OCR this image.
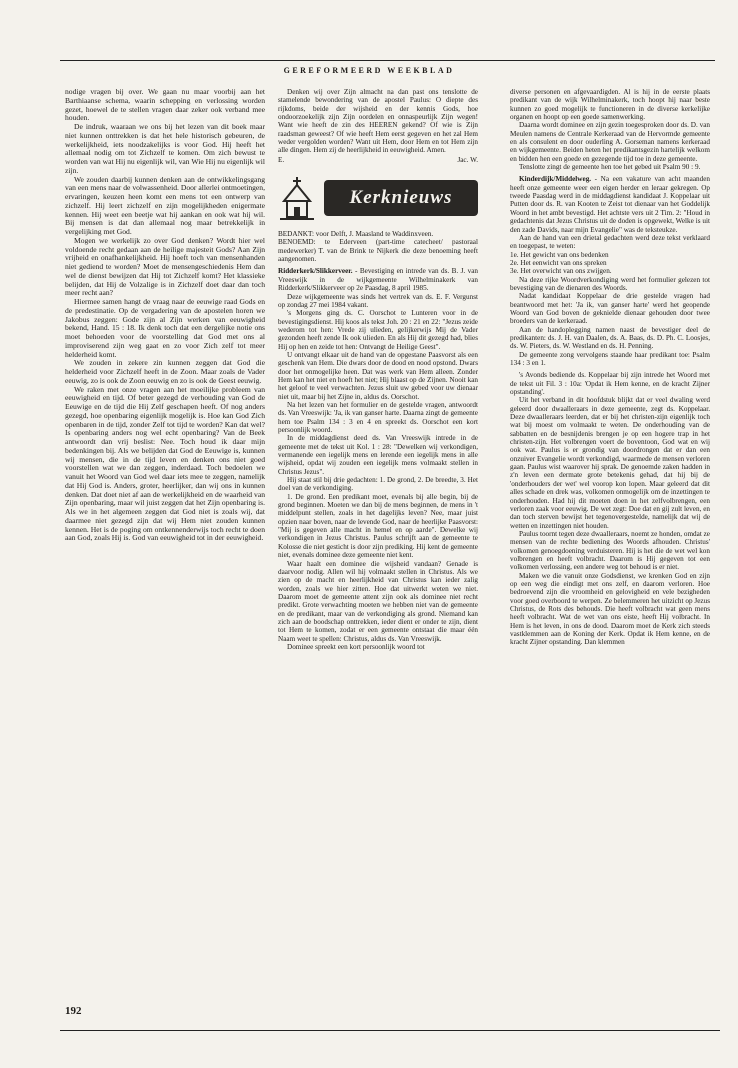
GEREFORMEERD WEEKBLAD

nodige vragen bij over. We gaan nu maar voorbij aan het Barthiaanse schema, waarin schepping en verlossing worden gezet, hoewel de te stellen vragen daar zeker ook verband mee houden.

De indruk, waaraan we ons bij het lezen van dit boek maar niet kunnen onttrekken is dat het hele historisch gebeuren, de werkelijkheid, iets noodzakelijks is voor God. Hij heeft het allemaal nodig om tot Zichzelf te komen. Om zich bewust te worden van wat Hij nu eigenlijk wil, van Wie Hij nu eigenlijk wil zijn.

We zouden daarbij kunnen denken aan de ontwikkelingsgang van een mens naar de volwassenheid. Door allerlei ontmoetingen, ervaringen, keuzen heen komt een mens tot een ontwerp van zichzelf. Hij leert zichzelf en zijn mogelijkheden enigermate kennen. Hij weet een beetje wat hij aankan en ook wat hij wil. Bij mensen is dat dan allemaal nog maar betrekkelijk in vergelijking met God.

Mogen we werkelijk zo over God denken? Wordt hier wel voldoende recht gedaan aan de heilige majesteit Gods? Aan Zijn vrijheid en onafhankelijkheid. Hij hoeft toch van mensenhanden niet gediend te worden? Moet de mensengeschiedenis Hem dan wel de dienst bewijzen dat Hij tot Zichzelf komt? Het klassieke belijden, dat Hij de Volzalige is in Zichzelf doet daar dan toch meer recht aan?

Hiermee samen hangt de vraag naar de eeuwige raad Gods en de predestinatie. Op de vergadering van de apostelen horen we Jakobus zeggen: Gode zijn al Zijn werken van eeuwigheid bekend, Hand. 15 : 18. Ik denk toch dat een dergelijke notie ons moet behoeden voor de voorstelling dat God met ons al improviserend zijn weg gaat en zo voor Zich zelf tot meer helderheid komt.

We zouden in zekere zin kunnen zeggen dat God die helderheid voor Zichzelf heeft in de Zoon. Maar zoals de Vader eeuwig, zo is ook de Zoon eeuwig en zo is ook de Geest eeuwig.

We raken met onze vragen aan het moeilijke probleem van eeuwigheid en tijd. Of beter gezegd de verhouding van God de Eeuwige en de tijd die Hij Zelf geschapen heeft. Of nog anders gezegd, hoe openbaring eigenlijk mogelijk is. Hoe kan God Zich openbaren in de tijd, zonder Zelf tot tijd te worden? Kan dat wel? Is openbaring anders nog wel echt openbaring? Van de Beek antwoordt dan vrij beslist: Nee. Toch houd ik daar mijn bedenkingen bij. Als we belijden dat God de Eeuwige is, kunnen wij mensen, die in de tijd leven en denken ons niet goed voorstellen wat we dan zeggen, inderdaad. Toch bedoelen we vanuit het Woord van God wel daar iets mee te zeggen, namelijk dat Hij God is. Anders, groter, heerlijker, dan wij ons in kunnen denken. Dat doet niet af aan de werkelijkheid en de waarheid van Zijn openbaring, maar wil juist zeggen dat het Zijn openbaring is. Als we in het algemeen zeggen dat God niet is zoals wij, dat daarmee niet gezegd zijn dat wij Hem niet zouden kunnen kennen. Het is de poging om ontkennenderwijs toch recht te doen aan God, zoals Hij is. God van eeuwigheid tot in der eeuwigheid.

Denken wij over Zijn almacht na dan past ons tenslotte de stamelende bewondering van de apostel Paulus: O diepte des rijkdoms, beide der wijsheid en der kennis Gods, hoe ondoorzoekelijk zijn Zijn oordelen en onnaspeurlijk Zijn wegen! Want wie heeft de zin des HEEREN gekend? Of wie is Zijn raadsman geweest? Of wie heeft Hem eerst gegeven en het zal Hem weder vergolden worden? Want uit Hem, door Hem en tot Hem zijn alle dingen. Hem zij de heerlijkheid in eeuwigheid. Amen.

E.	Jac. W.
Kerknieuws

BEDANKT: voor Delft, J. Maasland te Waddinxveen.

BENOEMD: te Ederveen (part-time catecheet/ pastoraal medewerker) T. van de Brink te Nijkerk die deze benoeming heeft aangenomen.

Ridderkerk/Slikkerveer. - Bevestiging en intrede van ds. B. J. van Vreeswijk in de wijkgemeente Wilhelminakerk van Ridderkerk/Slikkerveer op 2e Paasdag, 8 april 1985.

Deze wijkgemeente was sinds het vertrek van ds. E. F. Vergunst op zondag 27 mei 1984 vakant.

's Morgens ging ds. C. Oorschot te Lunteren voor in de bevestigingsdienst. Hij koos als tekst Joh. 20 : 21 en 22: "Jezus zeide wederom tot hen: Vrede zij ulieden, gelijkerwijs Mij de Vader gezonden heeft zende Ik ook ulieden. En als Hij dit gezegd had, blies Hij op hen en zeide tot hen: Ontvangt de Heilige Geest".

U ontvangt elkaar uit de hand van de opgestane Paasvorst als een geschenk van Hem. Die dwars door de dood en nood opstond. Dwars door het onmogelijke heen. Dat was werk van Hem alleen. Zonder Hem kan het niet en hoeft het niet; Hij blaast op de Zijnen. Nooit kan het geloof te veel verwachten. Jezus sluit uw gebed voor uw dienaar niet uit, maar bij het Zijne in, aldus ds. Oorschot.

Na het lezen van het formulier en de gestelde vragen, antwoordt ds. Van Vreeswijk: 'Ja, ik van ganser harte. Daarna zingt de gemeente hem toe Psalm 134 : 3 en 4 en spreekt ds. Oorschot een kort persoonlijk woord.

In de middagdienst deed ds. Van Vreeswijk intrede in de gemeente met de tekst uit Kol. 1 : 28: "Dewelken wij verkondigen, vermanende een iegelijk mens en lerende een iegelijk mens in alle wijsheid, opdat wij zouden een iegelijk mens volmaakt stellen in Christus Jezus".

Hij staat stil bij drie gedachten: 1. De grond, 2. De breedte, 3. Het doel van de verkondiging.

1. De grond. Een predikant moet, evenals bij alle begin, bij de grond beginnen. Moeten we dan bij de mens beginnen, de mens in 't middelpunt stellen, zoals in het dagelijks leven? Nee, maar juist opzien naar boven, naar de levende God, naar de heerlijke Paasvorst: "Mij is gegeven alle macht in hemel en op aarde". Dewelke wij verkondigen in Jezus Christus. Paulus schrijft aan de gemeente te Kolosse die niet gesticht is door zijn prediking. Hij kent de gemeente niet, evenals dominee deze gemeente niet kent.

Waar haalt een dominee die wijsheid vandaan? Genade is daarvoor nodig. Allen wil hij volmaakt stellen in Christus. Als we zien op de macht en heerlijkheid van Christus kan ieder zalig worden, zoals we hier zitten. Hoe dat uitwerkt weten we niet. Daarom moet de gemeente attent zijn ook als dominee niet recht predikt. Grote verwachting moeten we hebben niet van de gemeente en de predikant, maar van de verkondiging als grond. Niemand kan zich aan de boodschap onttrekken, ieder dient er onder te zijn, dient tot Hem te komen, zodat er een gemeente ontstaat die maar één Naam weet te spellen: Christus, aldus ds. Van Vreeswijk.

Dominee spreekt een kort persoonlijk woord tot

diverse personen en afgevaardigden. Al is hij in de eerste plaats predikant van de wijk Wilhelminakerk, toch hoopt hij naar beste kunnen zo goed mogelijk te functioneren in de diverse kerkelijke organen en hoopt op een goede samenwerking.

Daarna wordt dominee en zijn gezin toegesproken door ds. D. van Meulen namens de Centrale Kerkeraad van de Hervormde gemeente en als consulent en door ouderling A. Gorseman namens kerkeraad en wijkgemeente. Beiden heten het predikantsgezin hartelijk welkom en bidden hen een goede en gezegende tijd toe in deze gemeente.

Tenslotte zingt de gemeente hen toe het gebed uit Psalm 90 : 9.

Kinderdijk/Middelweg. - Na een vakature van acht maanden heeft onze gemeente weer een eigen herder en leraar gekregen. Op tweede Paasdag werd in de middagdienst kandidaat J. Koppelaar uit Putten door ds. R. van Kooten te Zeist tot dienaar van het Goddelijk Woord in het ambt bevestigd. Het achtste vers uit 2 Tim. 2: "Houd in gedachtenis dat Jezus Christus uit de doden is opgewekt, Welke is uit den zade Davids, naar mijn Evangelie" was de teksteukze.

Aan de hand van een drietal gedachten werd deze tekst verklaard en toegepast, te weten:

1e. Het gewicht van ons bedenken

2e. Het eenwicht van ons spreken

3e. Het overwicht van ons zwijgen.

Na deze rijke Woordverkondiging werd het formulier gelezen tot bevestiging van de dienaren des Woords.

Nadat kandidaat Koppelaar de drie gestelde vragen had beantwoord met het: 'Ja ik, van ganser harte' werd het geopende Woord van God boven de geknielde dienaar gehouden door twee broeders van de kerkeraad.

Aan de handoplegging namen naast de bevestiger deel de predikanten: ds. J. H. van Daalen, ds. A. Baas, ds. D. Ph. C. Loosjes, ds. W. Pieters, ds. W. Westland en ds. H. Penning.

De gemeente zong vervolgens staande haar predikant toe: Psalm 134 : 3 en 1.

's Avonds bediende ds. Koppelaar bij zijn intrede het Woord met de tekst uit Fil. 3 : 10a: 'Opdat ik Hem kenne, en de kracht Zijner opstanding'.

Uit het verband in dit hoofdstuk blijkt dat er veel dwaling werd geleerd door dwaalleraars in deze gemeente, zegt ds. Koppelaar. Deze dwaalleraars leerden, dat er bij het christen-zijn eigenlijk toch wat bij moest om volmaakt te weten. De onderhouding van de sabbatten en de besnijdenis brengen je op een hogere trap in het christen-zijn. Het volbrengen voert de boventoon, God wat en wij ook wat. Paulus is er grondig van doordrongen dat er dan een onzuiver Evangelie wordt verkondigd, waarmede de mensen verloren gaan. Paulus wist waarover hij sprak. De genoemde zaken hadden in z'n leven een dermate grote betekenis gehad, dat hij bij de 'onderhouders der wet' wel voorop kon lopen. Maar geleerd dat dit alles schade en drek was, volkomen onmogelijk om de inzettingen te onderhouden. Had hij dit moeten doen in het zelfvolbrengen, een verloren zaak voor eeuwig. De wet zegt: Doe dat en gij zult leven, en dan toch sterven bewijst het tegenovergestelde, namelijk dat wij de wetten en inzettingen niet houden.

Paulus toornt tegen deze dwaalleraars, noemt ze honden, omdat ze mensen van de rechte bediening des Woords afhouden. Christus' volkomen genoegdoening verduisteren. Hij is het die de wet wel kon volbrengen en heeft volbracht. Daarom is Hij gegeven tot een volkomen verlossing, een andere weg tot behoud is er niet.

Maken we die vanuit onze Godsdienst, we krenken God en zijn op een weg die eindigt met ons zelf, en daarom verloren. Hoe bedroevend zijn die vroomheid en gelovigheid en vele bezigheden voor goed overboord te werpen. Ze belemmeren het uitzicht op Jezus Christus, de Rots des behouds. Die heeft volbracht wat geen mens heeft volbracht. Wat de wet van ons eiste, heeft Hij volbracht. In Hem is het leven, in ons de dood. Daarom moet de Kerk zich steeds vastklemmen aan de Koning der Kerk. Opdat ik Hem kenne, en de kracht Zijner opstanding. Dan klemmen

192
